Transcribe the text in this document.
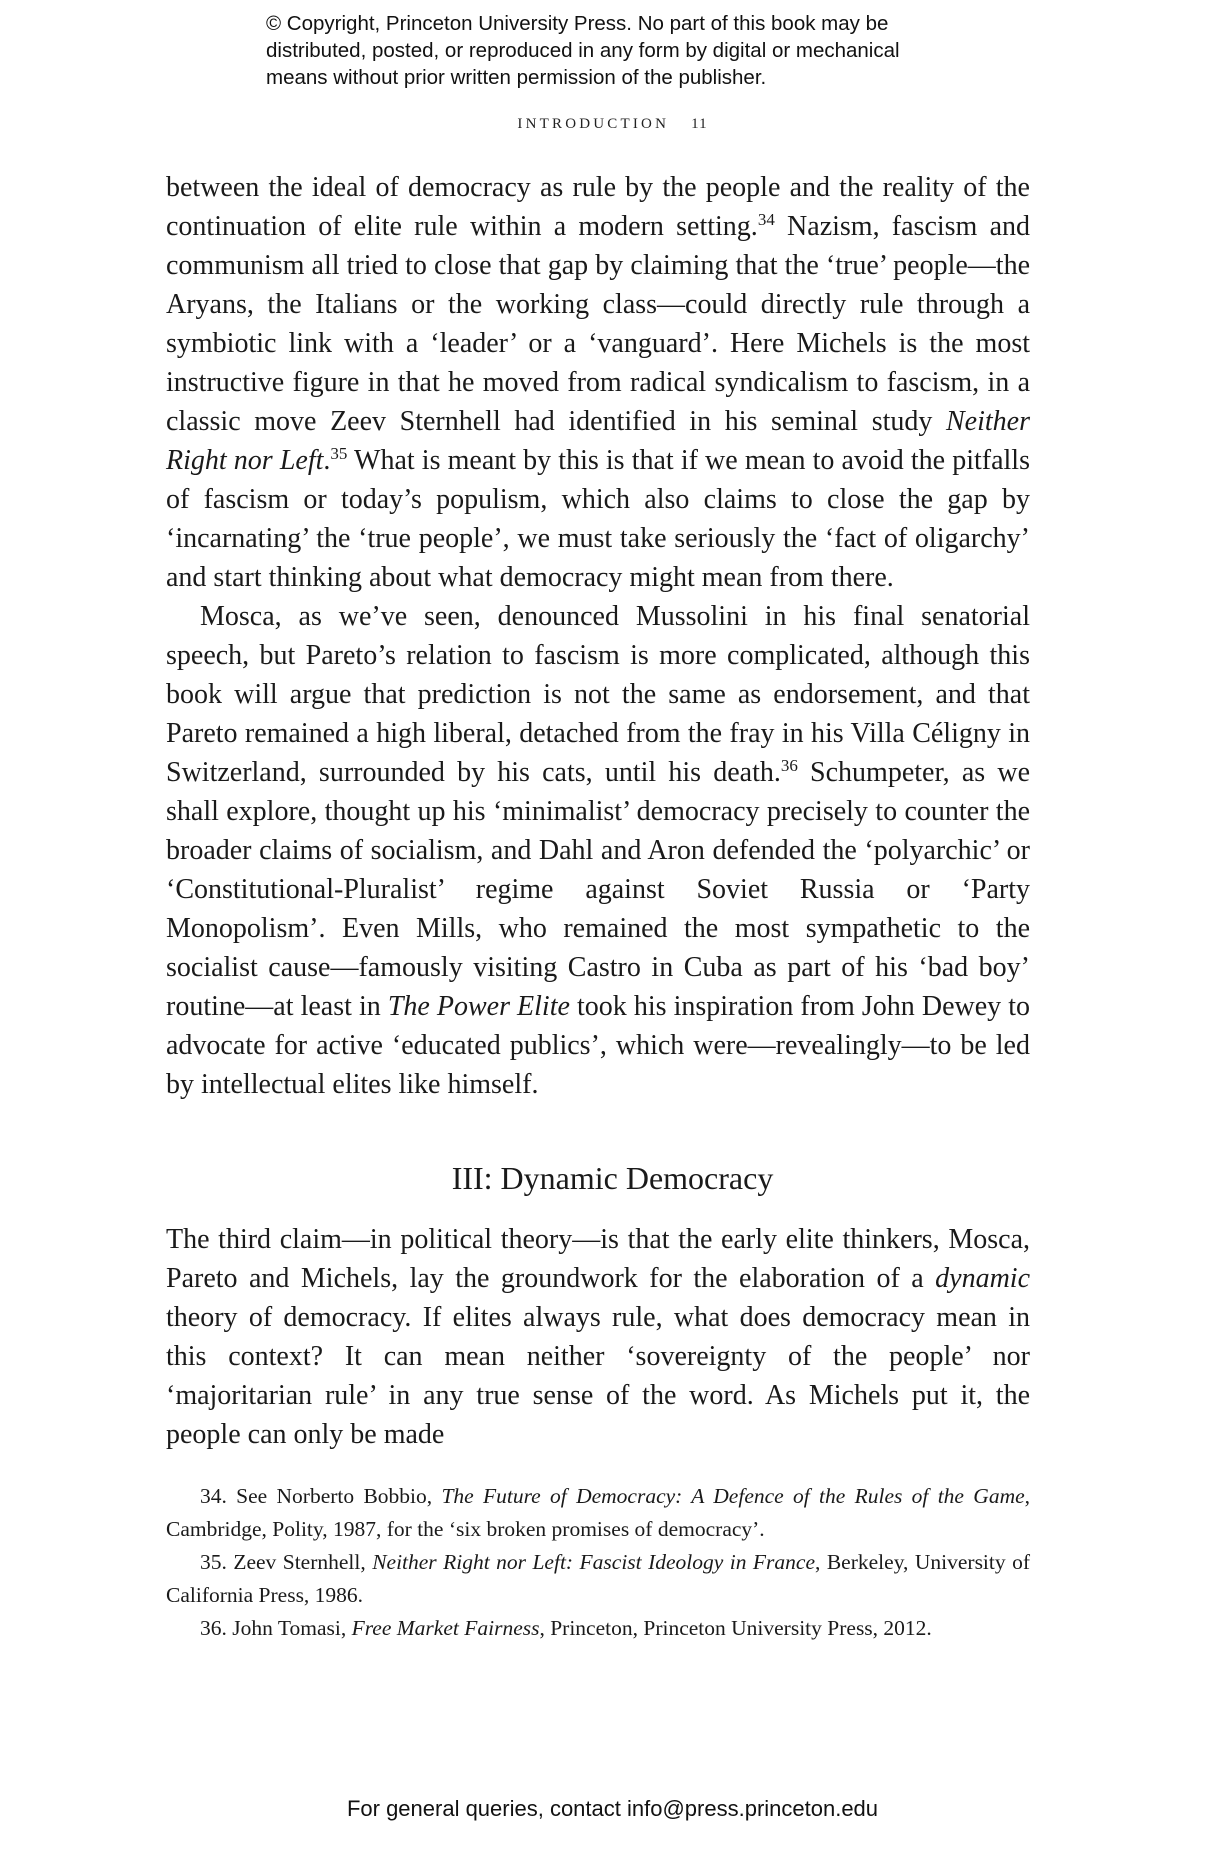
© Copyright, Princeton University Press. No part of this book may be
distributed, posted, or reproduced in any form by digital or mechanical
means without prior written permission of the publisher.
INTRODUCTION 11

between the ideal of democracy as rule by the people and the reality of the continuation of elite rule within a modern setting.$^{34}$ Nazism, fascism and communism all tried to close that gap by claiming that the ‘true’ people—the Aryans, the Italians or the working class—could directly rule through a symbiotic link with a ‘leader’ or a ‘vanguard’. Here Michels is the most instructive figure in that he moved from radical syndicalism to fascism, in a classic move Zeev Sternhell had identified in his seminal study Neither Right nor Left.$^{35}$ What is meant by this is that if we mean to avoid the pitfalls of fascism or today’s populism, which also claims to close the gap by ‘incarnating’ the ‘true people’, we must take seriously the ‘fact of oligarchy’ and start thinking about what democracy might mean from there.

Mosca, as we’ve seen, denounced Mussolini in his final senatorial speech, but Pareto’s relation to fascism is more complicated, although this book will argue that prediction is not the same as endorsement, and that Pareto remained a high liberal, detached from the fray in his Villa Céligny in Switzerland, surrounded by his cats, until his death.$^{36}$ Schumpeter, as we shall explore, thought up his ‘minimalist’ democracy precisely to counter the broader claims of socialism, and Dahl and Aron defended the ‘polyarchic’ or ‘Constitutional-Pluralist’ regime against Soviet Russia or ‘Party Monopolism’. Even Mills, who remained the most sympathetic to the socialist cause—famously visiting Castro in Cuba as part of his ‘bad boy’ routine—at least in The Power Elite took his inspiration from John Dewey to advocate for active ‘educated publics’, which were—revealingly—to be led by intellectual elites like himself.

III: Dynamic Democracy

The third claim—in political theory—is that the early elite thinkers, Mosca, Pareto and Michels, lay the groundwork for the elaboration of a dynamic theory of democracy. If elites always rule, what does democracy mean in this context? It can mean neither ‘sovereignty of the people’ nor ‘majoritarian rule’ in any true sense of the word. As Michels put it, the people can only be made

34. See Norberto Bobbio, The Future of Democracy: A Defence of the Rules of the Game, Cambridge, Polity, 1987, for the ‘six broken promises of democracy’.

35. Zeev Sternhell, Neither Right nor Left: Fascist Ideology in France, Berkeley, University of California Press, 1986.

36. John Tomasi, Free Market Fairness, Princeton, Princeton University Press, 2012.

For general queries, contact info@press.princeton.edu
